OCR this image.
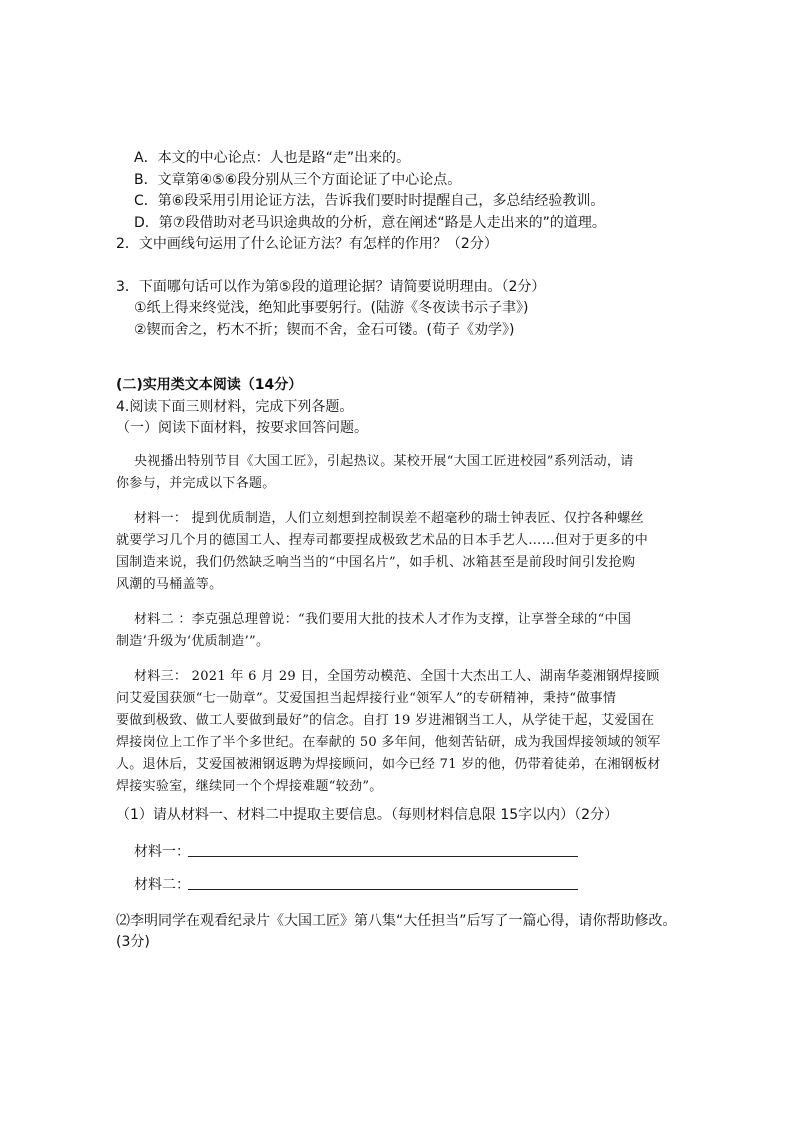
A．本文的中心论点：人也是路“走”出来的。
B．文章第④⑤⑥段分别从三个方面论证了中心论点。
C．第⑥段采用引用论证方法，告诉我们要时时提醒自己，多总结经验教训。
D．第⑦段借助对老马识途典故的分析，意在阐述“路是人走出来的”的道理。
2．文中画线句运用了什么论证方法？有怎样的作用？（2分）
3．下面哪句话可以作为第⑤段的道理论据？请简要说明理由。（2分）
①纸上得来终觉浅，绝知此事要躬行。(陆游《冬夜读书示子聿》)
②锲而舍之，朽木不折；锲而不舍，金石可镂。(荀子《劝学》)
(二)实用类文本阅读（14分）
4.阅读下面三则材料，完成下列各题。
（一）阅读下面材料，按要求回答问题。
央视播出特别节目《大国工匠》，引起热议。某校开展“大国工匠进校园”系列活动，请
你参与，并完成以下各题。
材料一： 提到优质制造，人们立刻想到控制误差不超毫秒的瑞士钟表匠、仅拧各种螺丝
就要学习几个月的德国工人、捏寿司都要捏成极致艺术品的日本手艺人……但对于更多的中
国制造来说，我们仍然缺乏响当当的“中国名片”，如手机、冰箱甚至是前段时间引发抢购
风潮的马桶盖等。
材料二 ：李克强总理曾说：“我们要用大批的技术人才作为支撑，让享誉全球的“中国
制造’升级为‘优质制造’”。
材料三： 2021 年 6 月 29 日，全国劳动模范、全国十大杰出工人、湖南华菱湘钢焊接顾
问艾爱国获颁“七一勋章”。艾爱国担当起焊接行业“领军人”的专研精神，秉持“做事情
要做到极致、做工人要做到最好”的信念。自打 19 岁进湘钢当工人，从学徒干起，艾爱国在
焊接岗位上工作了半个多世纪。在奉献的 50 多年间，他刻苦钻研，成为我国焊接领域的领军
人。退休后，艾爱国被湘钢返聘为焊接顾问，如今已经 71 岁的他，仍带着徒弟，在湘钢板材
焊接实验室，继续同一个个焊接难题“较劲”。
（1）请从材料一、材料二中提取主要信息。（每则材料信息限 15字以内）（2分）
材料一：
材料二：
⑵李明同学在观看纪录片《大国工匠》第八集“大任担当”后写了一篇心得，请你帮助修改。
(3分)
